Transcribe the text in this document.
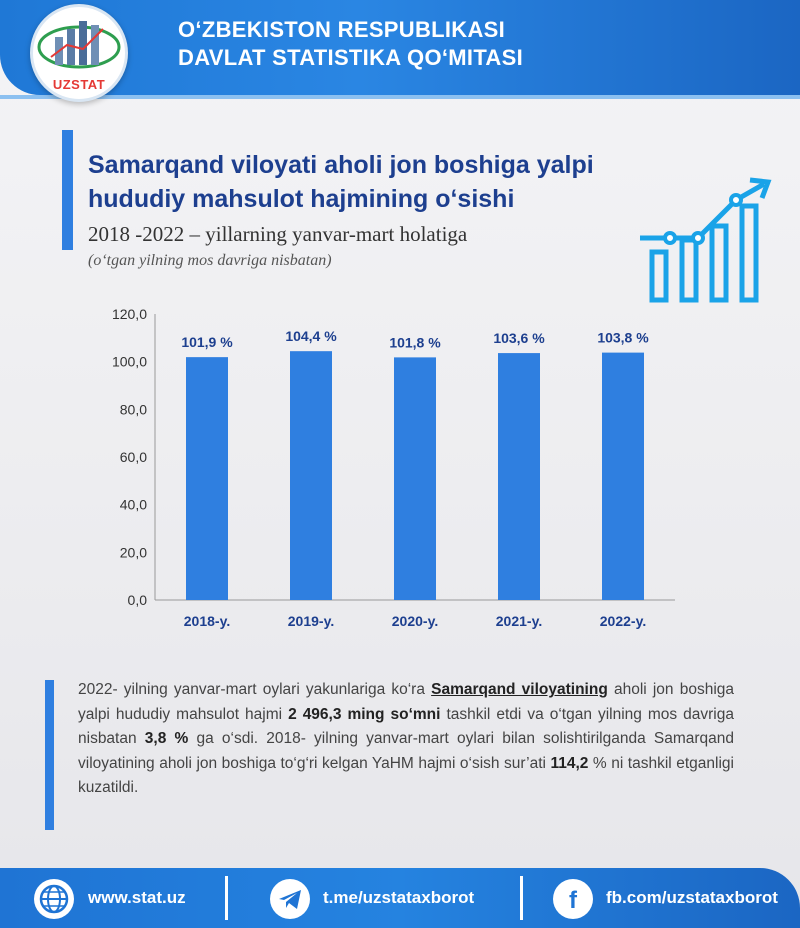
UZSTAT
O‘ZBEKISTON RESPUBLIKASI
DAVLAT STATISTIKA QO‘MITASI
Samarqand viloyati aholi jon boshiga yalpi
hududiy mahsulot hajmining o‘sishi
2018 -2022 – yillarning yanvar-mart holatiga
(o‘tgan yilning mos davriga nisbatan)
0,0
20,0
40,0
60,0
80,0
100,0
120,0
101,9 %	104,4 %	101,8 %	103,6 %	103,8 %
2018-y.	2019-y.	2020-y.	2021-y.	2022-y.
2022- yilning yanvar-mart oylari yakunlariga ko‘ra Samarqand viloyatining aholi jon boshiga yalpi hududiy mahsulot hajmi 2 496,3 ming so‘mni tashkil etdi va o‘tgan yilning mos davriga nisbatan 3,8 % ga o‘sdi. 2018- yilning yanvar-mart oylari bilan solishtirilganda Samarqand viloyatining aholi jon boshiga to‘g‘ri kelgan YaHM hajmi o‘sish sur’ati 114,2 % ni tashkil etganligi kuzatildi.
www.stat.uz	t.me/uzstataxborot	f fb.com/uzstataxborot
